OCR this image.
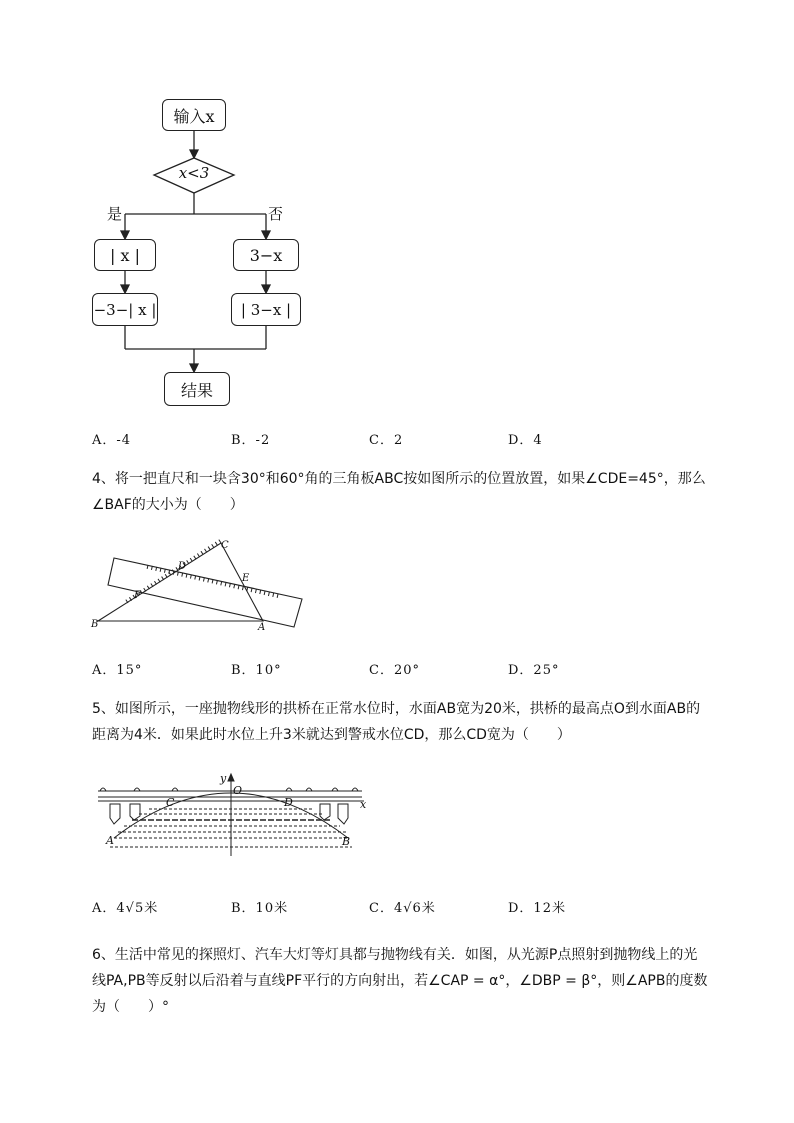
输入x
x<3
是	否
| x |	3−x
−3−| x |	| 3−x |
结果
A．-4	B．-2	C．2	D．4
4、将一把直尺和一块含30°和60°角的三角板ABC按如图所示的位置放置，如果∠CDE=45°，那么
∠BAF的大小为（　　）
C
D
E
F
B	A
A．15°	B．10°	C．20°	D．25°
5、如图所示，一座抛物线形的拱桥在正常水位时，水面AB宽为20米，拱桥的最高点O到水面AB的
距离为4米．如果此时水位上升3米就达到警戒水位CD，那么CD宽为（　　）
y
O
C	D	x
A	B
A．4√5米	B．10米	C．4√6米	D．12米
6、生活中常见的探照灯、汽车大灯等灯具都与抛物线有关．如图，从光源P点照射到抛物线上的光
线PA,PB等反射以后沿着与直线PF平行的方向射出，若∠CAP = α°，∠DBP = β°，则∠APB的度数
为（　　）°
